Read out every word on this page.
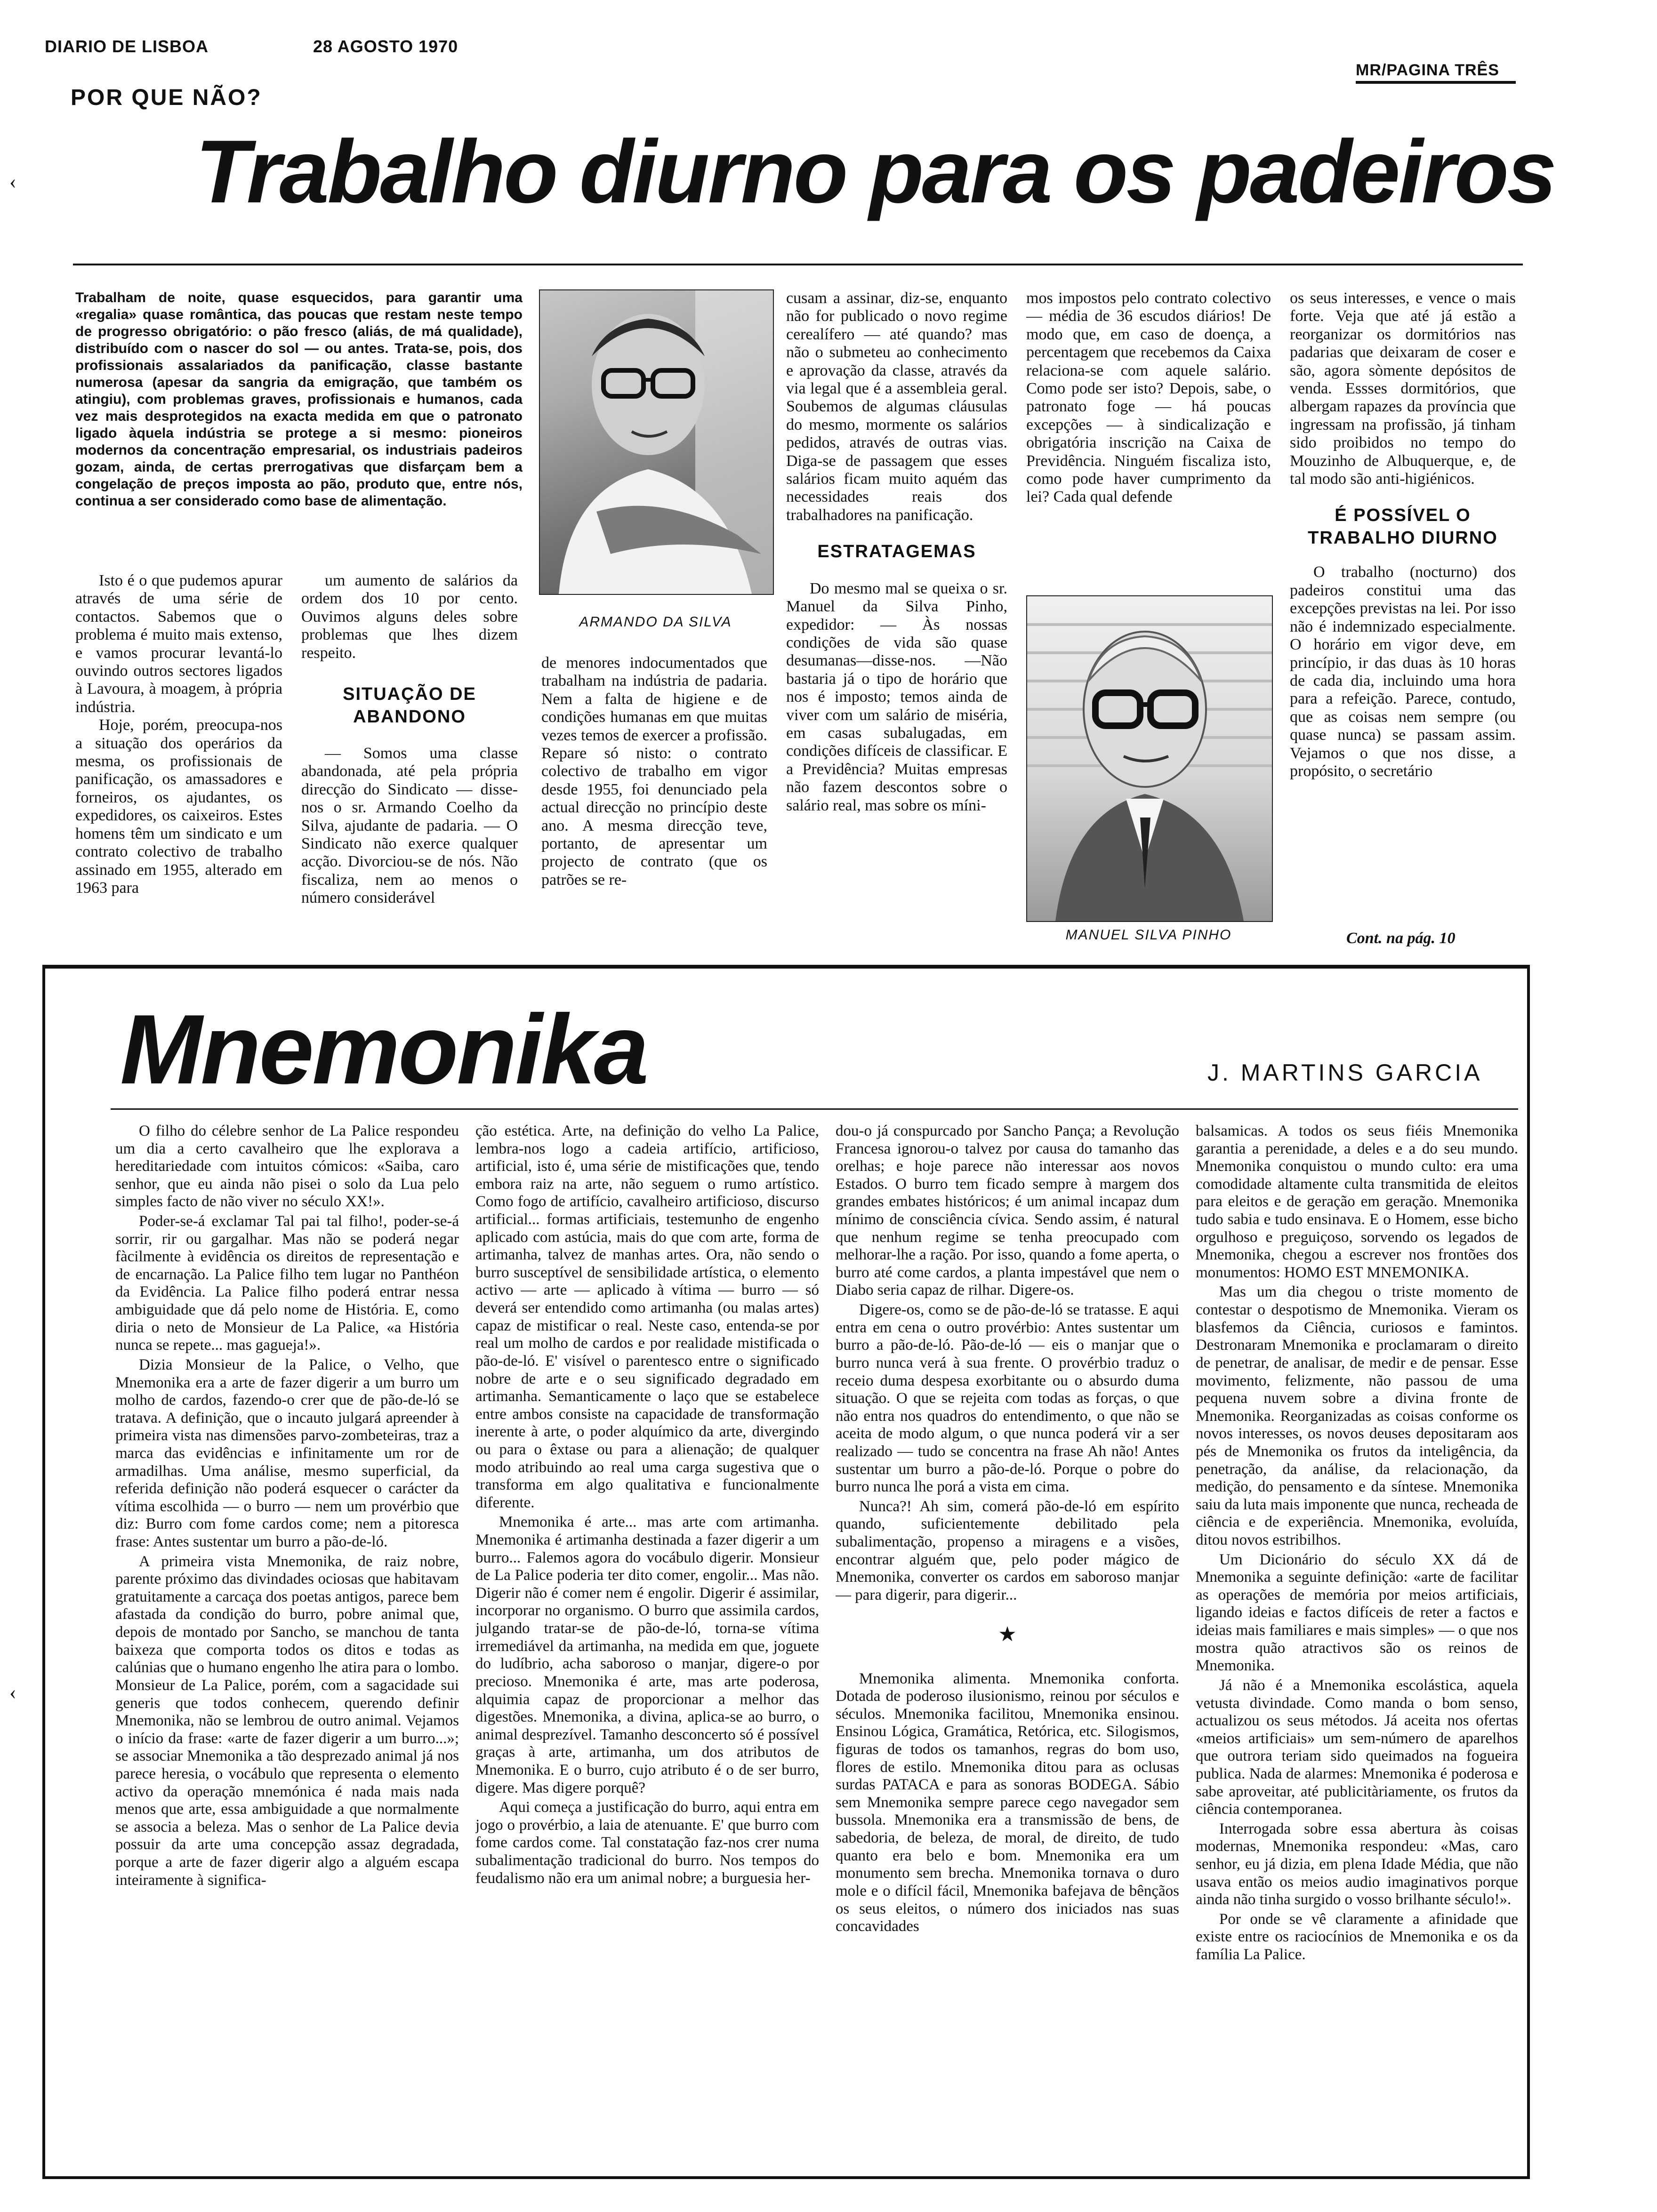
DIARIO DE LISBOA	28 AGOSTO 1970
MR/PAGINA TRÊS
‹
POR QUE NÃO?
Trabalho diurno para os padeiros
Trabalham de noite, quase esquecidos, para garantir uma «regalia» quase romântica, das poucas que restam neste tempo de progresso obrigatório: o pão fresco (aliás, de má qualidade), distribuído com o nascer do sol — ou antes. Trata-se, pois, dos profissionais assalariados da panificação, classe bastante numerosa (apesar da sangria da emigração, que também os atingiu), com problemas graves, profissionais e humanos, cada vez mais desprotegidos na exacta medida em que o patronato ligado àquela indústria se protege a si mesmo: pioneiros modernos da concentração empresarial, os industriais padeiros gozam, ainda, de certas prerrogativas que disfarçam bem a congelação de preços imposta ao pão, produto que, entre nós, continua a ser considerado como base de alimentação.

Isto é o que pudemos apurar através de uma série de contactos. Sabemos que o problema é muito mais extenso, e vamos procurar levantá-lo ouvindo outros sectores ligados à Lavoura, à moagem, à própria indústria.

Hoje, porém, preocupa-nos a situação dos operários da mesma, os profissionais de panificação, os amassadores e forneiros, os ajudantes, os expedidores, os caixeiros. Estes homens têm um sindicato e um contrato colectivo de trabalho assinado em 1955, alterado em 1963 para

um aumento de salários da ordem dos 10 por cento. Ouvimos alguns deles sobre problemas que lhes dizem respeito.

SITUAÇÃO DE ABANDONO

— Somos uma classe abandonada, até pela própria direcção do Sindicato — disse-nos o sr. Armando Coelho da Silva, ajudante de padaria. — O Sindicato não exerce qualquer acção. Divorciou-se de nós. Não fiscaliza, nem ao menos o número considerável

ARMANDO DA SILVA

de menores indocumentados que trabalham na indústria de padaria. Nem a falta de higiene e de condições humanas em que muitas vezes temos de exercer a profissão. Repare só nisto: o contrato colectivo de trabalho em vigor desde 1955, foi denunciado pela actual direcção no princípio deste ano. A mesma direcção teve, portanto, de apresentar um projecto de contrato (que os patrões se re-

cusam a assinar, diz-se, enquanto não for publicado o novo regime cerealífero — até quando? mas não o submeteu ao conhecimento e aprovação da classe, através da via legal que é a assembleia geral. Soubemos de algumas cláusulas do mesmo, mormente os salários pedidos, através de outras vias. Diga-se de passagem que esses salários ficam muito aquém das necessidades reais dos trabalhadores na panificação.

ESTRATAGEMAS

Do mesmo mal se queixa o sr. Manuel da Silva Pinho, expedidor: — Às nossas condições de vida são quase desumanas—disse-nos. —Não bastaria já o tipo de horário que nos é imposto; temos ainda de viver com um salário de miséria, em casas subalugadas, em condições difíceis de classificar. E a Previdência? Muitas empresas não fazem descontos sobre o salário real, mas sobre os míni-

mos impostos pelo contrato colectivo — média de 36 escudos diários! De modo que, em caso de doença, a percentagem que recebemos da Caixa relaciona-se com aquele salário. Como pode ser isto? Depois, sabe, o patronato foge — há poucas excepções — à sindicalização e obrigatória inscrição na Caixa de Previdência. Ninguém fiscaliza isto, como pode haver cumprimento da lei? Cada qual defende

MANUEL SILVA PINHO

os seus interesses, e vence o mais forte. Veja que até já estão a reorganizar os dormitórios nas padarias que deixaram de coser e são, agora sòmente depósitos de venda. Essses dormitórios, que albergam rapazes da província que ingressam na profissão, já tinham sido proibidos no tempo do Mouzinho de Albuquerque, e, de tal modo são anti-higiénicos.

É POSSÍVEL O TRABALHO DIURNO

O trabalho (nocturno) dos padeiros constitui uma das excepções previstas na lei. Por isso não é indemnizado especialmente. O horário em vigor deve, em princípio, ir das duas às 10 horas de cada dia, incluindo uma hora para a refeição. Parece, contudo, que as coisas nem sempre (ou quase nunca) se passam assim. Vejamos o que nos disse, a propósito, o secretário

Cont. na pág. 10
Mnemonika	J. MARTINS GARCIA

O filho do célebre senhor de La Palice respondeu um dia a certo cavalheiro que lhe explorava a hereditariedade com intuitos cómicos: «Saiba, caro senhor, que eu ainda não pisei o solo da Lua pelo simples facto de não viver no século XX!».

Poder-se-á exclamar Tal pai tal filho!, poder-se-á sorrir, rir ou gargalhar. Mas não se poderá negar fàcilmente à evidência os direitos de representação e de encarnação. La Palice filho tem lugar no Panthéon da Evidência. La Palice filho poderá entrar nessa ambiguidade que dá pelo nome de História. E, como diria o neto de Monsieur de La Palice, «a História nunca se repete... mas gagueja!».

Dizia Monsieur de la Palice, o Velho, que Mnemonika era a arte de fazer digerir a um burro um molho de cardos, fazendo-o crer que de pão-de-ló se tratava. A definição, que o incauto julgará apreender à primeira vista nas dimensões parvo-zombeteiras, traz a marca das evidências e infinitamente um ror de armadilhas. Uma análise, mesmo superficial, da referida definição não poderá esquecer o carácter da vítima escolhida — o burro — nem um provérbio que diz: Burro com fome cardos come; nem a pitoresca frase: Antes sustentar um burro a pão-de-ló.

A primeira vista Mnemonika, de raiz nobre, parente próximo das divindades ociosas que habitavam gratuitamente a carcaça dos poetas antigos, parece bem afastada da condição do burro, pobre animal que, depois de montado por Sancho, se manchou de tanta baixeza que comporta todos os ditos e todas as calúnias que o humano engenho lhe atira para o lombo. Monsieur de La Palice, porém, com a sagacidade sui generis que todos conhecem, querendo definir Mnemonika, não se lembrou de outro animal. Vejamos o início da frase: «arte de fazer digerir a um burro...»; se associar Mnemonika a tão desprezado animal já nos parece heresia, o vocábulo que representa o elemento activo da operação mnemónica é nada mais nada menos que arte, essa ambiguidade a que normalmente se associa a beleza. Mas o senhor de La Palice devia possuir da arte uma concepção assaz degradada, porque a arte de fazer digerir algo a alguém escapa inteiramente à significa-

ção estética. Arte, na definição do velho La Palice, lembra-nos logo a cadeia artifício, artificioso, artificial, isto é, uma série de mistificações que, tendo embora raiz na arte, não seguem o rumo artístico. Como fogo de artifício, cavalheiro artificioso, discurso artificial... formas artificiais, testemunho de engenho aplicado com astúcia, mais do que com arte, forma de artimanha, talvez de manhas artes. Ora, não sendo o burro susceptível de sensibilidade artística, o elemento activo — arte — aplicado à vítima — burro — só deverá ser entendido como artimanha (ou malas artes) capaz de mistificar o real. Neste caso, entenda-se por real um molho de cardos e por realidade mistificada o pão-de-ló. E' visível o parentesco entre o significado nobre de arte e o seu significado degradado em artimanha. Semanticamente o laço que se estabelece entre ambos consiste na capacidade de transformação inerente à arte, o poder alquímico da arte, divergindo ou para o êxtase ou para a alienação; de qualquer modo atribuindo ao real uma carga sugestiva que o transforma em algo qualitativa e funcionalmente diferente.

Mnemonika é arte... mas arte com artimanha. Mnemonika é artimanha destinada a fazer digerir a um burro... Falemos agora do vocábulo digerir. Monsieur de La Palice poderia ter dito comer, engolir... Mas não. Digerir não é comer nem é engolir. Digerir é assimilar, incorporar no organismo. O burro que assimila cardos, julgando tratar-se de pão-de-ló, torna-se vítima irremediável da artimanha, na medida em que, joguete do ludíbrio, acha saboroso o manjar, digere-o por precioso. Mnemonika é arte, mas arte poderosa, alquimia capaz de proporcionar a melhor das digestões. Mnemonika, a divina, aplica-se ao burro, o animal desprezível. Tamanho desconcerto só é possível graças à arte, artimanha, um dos atributos de Mnemonika. E o burro, cujo atributo é o de ser burro, digere. Mas digere porquê?

Aqui começa a justificação do burro, aqui entra em jogo o provérbio, a laia de atenuante. E' que burro com fome cardos come. Tal constatação faz-nos crer numa subalimentação tradicional do burro. Nos tempos do feudalismo não era um animal nobre; a burguesia her-

dou-o já conspurcado por Sancho Pança; a Revolução Francesa ignorou-o talvez por causa do tamanho das orelhas; e hoje parece não interessar aos novos Estados. O burro tem ficado sempre à margem dos grandes embates históricos; é um animal incapaz dum mínimo de consciência cívica. Sendo assim, é natural que nenhum regime se tenha preocupado com melhorar-lhe a ração. Por isso, quando a fome aperta, o burro até come cardos, a planta impestável que nem o Diabo seria capaz de rilhar. Digere-os.

Digere-os, como se de pão-de-ló se tratasse. E aqui entra em cena o outro provérbio: Antes sustentar um burro a pão-de-ló. Pão-de-ló — eis o manjar que o burro nunca verá à sua frente. O provérbio traduz o receio duma despesa exorbitante ou o absurdo duma situação. O que se rejeita com todas as forças, o que não entra nos quadros do entendimento, o que não se aceita de modo algum, o que nunca poderá vir a ser realizado — tudo se concentra na frase Ah não! Antes sustentar um burro a pão-de-ló. Porque o pobre do burro nunca lhe porá a vista em cima.

Nunca?! Ah sim, comerá pão-de-ló em espírito quando, suficientemente debilitado pela subalimentação, propenso a miragens e a visões, encontrar alguém que, pelo poder mágico de Mnemonika, converter os cardos em saboroso manjar — para digerir, para digerir...

★

Mnemonika alimenta. Mnemonika conforta. Dotada de poderoso ilusionismo, reinou por séculos e séculos. Mnemonika facilitou, Mnemonika ensinou. Ensinou Lógica, Gramática, Retórica, etc. Silogismos, figuras de todos os tamanhos, regras do bom uso, flores de estilo. Mnemonika ditou para as oclusas surdas PATACA e para as sonoras BODEGA. Sábio sem Mnemonika sempre parece cego navegador sem bussola. Mnemonika era a transmissão de bens, de sabedoria, de beleza, de moral, de direito, de tudo quanto era belo e bom. Mnemonika era um monumento sem brecha. Mnemonika tornava o duro mole e o difícil fácil, Mnemonika bafejava de bênçãos os seus eleitos, o número dos iniciados nas suas concavidades

balsamicas. A todos os seus fiéis Mnemonika garantia a perenidade, a deles e a do seu mundo. Mnemonika conquistou o mundo culto: era uma comodidade altamente culta transmitida de eleitos para eleitos e de geração em geração. Mnemonika tudo sabia e tudo ensinava. E o Homem, esse bicho orgulhoso e preguiçoso, sorvendo os legados de Mnemonika, chegou a escrever nos frontões dos monumentos: HOMO EST MNEMONIKA.

Mas um dia chegou o triste momento de contestar o despotismo de Mnemonika. Vieram os blasfemos da Ciência, curiosos e famintos. Destronaram Mnemonika e proclamaram o direito de penetrar, de analisar, de medir e de pensar. Esse movimento, felizmente, não passou de uma pequena nuvem sobre a divina fronte de Mnemonika. Reorganizadas as coisas conforme os novos interesses, os novos deuses depositaram aos pés de Mnemonika os frutos da inteligência, da penetração, da análise, da relacionação, da medição, do pensamento e da síntese. Mnemonika saiu da luta mais imponente que nunca, recheada de ciência e de experiência. Mnemonika, evoluída, ditou novos estribilhos.

Um Dicionário do século XX dá de Mnemonika a seguinte definição: «arte de facilitar as operações de memória por meios artificiais, ligando ideias e factos difíceis de reter a factos e ideias mais familiares e mais simples» — o que nos mostra quão atractivos são os reinos de Mnemonika.

Já não é a Mnemonika escolástica, aquela vetusta divindade. Como manda o bom senso, actualizou os seus métodos. Já aceita nos ofertas «meios artificiais» um sem-número de aparelhos que outrora teriam sido queimados na fogueira publica. Nada de alarmes: Mnemonika é poderosa e sabe aproveitar, até publicitàriamente, os frutos da ciência contemporanea.

Interrogada sobre essa abertura às coisas modernas, Mnemonika respondeu: «Mas, caro senhor, eu já dizia, em plena Idade Média, que não usava então os meios audio imaginativos porque ainda não tinha surgido o vosso brilhante século!».

Por onde se vê claramente a afinidade que existe entre os raciocínios de Mnemonika e os da família La Palice.

‹
